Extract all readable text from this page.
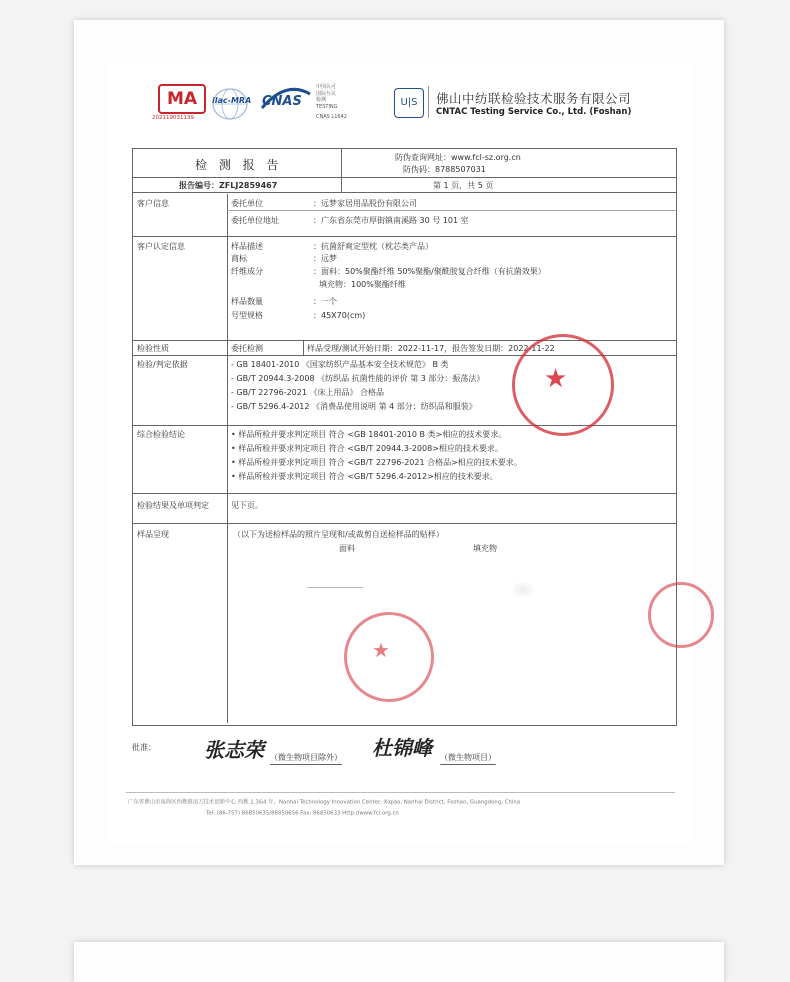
MA
202119031139
ilac-MRA CNAS
中国认可
国际互认
检测
TESTING
CNAS L1642
U|S	佛山中纺联检验技术服务有限公司
CNTAC Testing Service Co., Ltd. (Foshan)
检 测 报 告
防伪查询网址：www.fcl-sz.org.cn
防伪码：8788507031
报告编号：ZFLJ2859467	第 1 页，共 5 页
客户信息	委托单位	：远梦家居用品股份有限公司
委托单位地址	：广东省东莞市厚街镇南溪路 30 号 101 室
客户认定信息	样品描述	：抗菌舒爽定型枕（枕芯类产品）
商标	：远梦
纤维成分	：面料：50%聚酯纤维 50%聚酯/聚酰胺复合纤维（有抗菌效果）
填充物：100%聚酯纤维
样品数量	：一个
号型规格	：45X70(cm)
检验性质	委托检测	样品受理/测试开始日期：2022-11-17，报告签发日期：2022-11-22
检验/判定依据	- GB 18401-2010 《国家纺织产品基本安全技术规范》 B 类
- GB/T 20944.3-2008 《纺织品 抗菌性能的评价 第 3 部分：振荡法》
- GB/T 22796-2021 《床上用品》 合格品
- GB/T 5296.4-2012 《消费品使用说明 第 4 部分：纺织品和服装》
综合检验结论	• 样品所检并要求判定项目 符合 <GB 18401-2010 B 类>相应的技术要求。
• 样品所检并要求判定项目 符合 <GB/T 20944.3-2008>相应的技术要求。
• 样品所检并要求判定项目 符合 <GB/T 22796-2021 合格品>相应的技术要求。
• 样品所检并要求判定项目 符合 <GB/T 5296.4-2012>相应的技术要求。
检验结果及单项判定	见下页。
样品呈现	（以下为送检样品的照片呈现和/或裁剪自送检样品的贴样）
面料	填充物
★
★
批准： 张志荣 （微生物项目除外） 杜锦峰 （微生物项目）
广东省佛山市南海区西樵镇南方技术创新中心 西樵 1.3&4 年，Nanhai Technology Innovation Center, Xiqiao, Nanhai District, Foshan, Guangdong, China
Tel: (86-757) 86850635/86850656 Fax: 86850633 Http://www.fcl.org.cn
